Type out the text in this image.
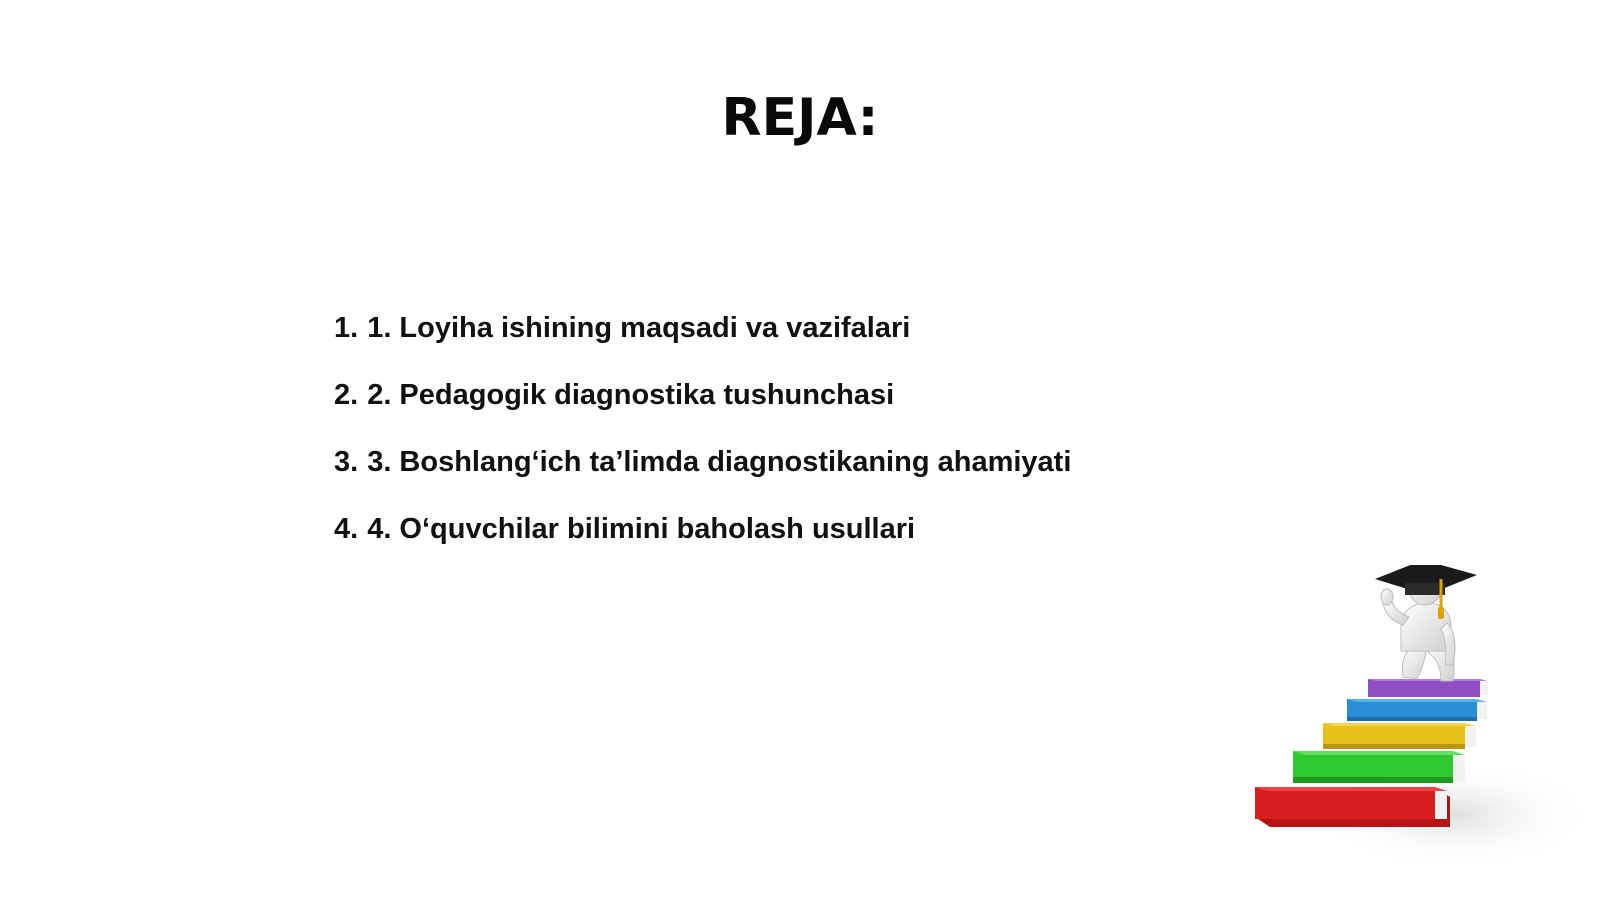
REJA:
1. 1. Loyiha ishining maqsadi va vazifalari
2. 2. Pedagogik diagnostika tushunchasi
3. 3. Boshlang‘ich ta’limda diagnostikaning ahamiyati
4. 4. O‘quvchilar bilimini baholash usullari
